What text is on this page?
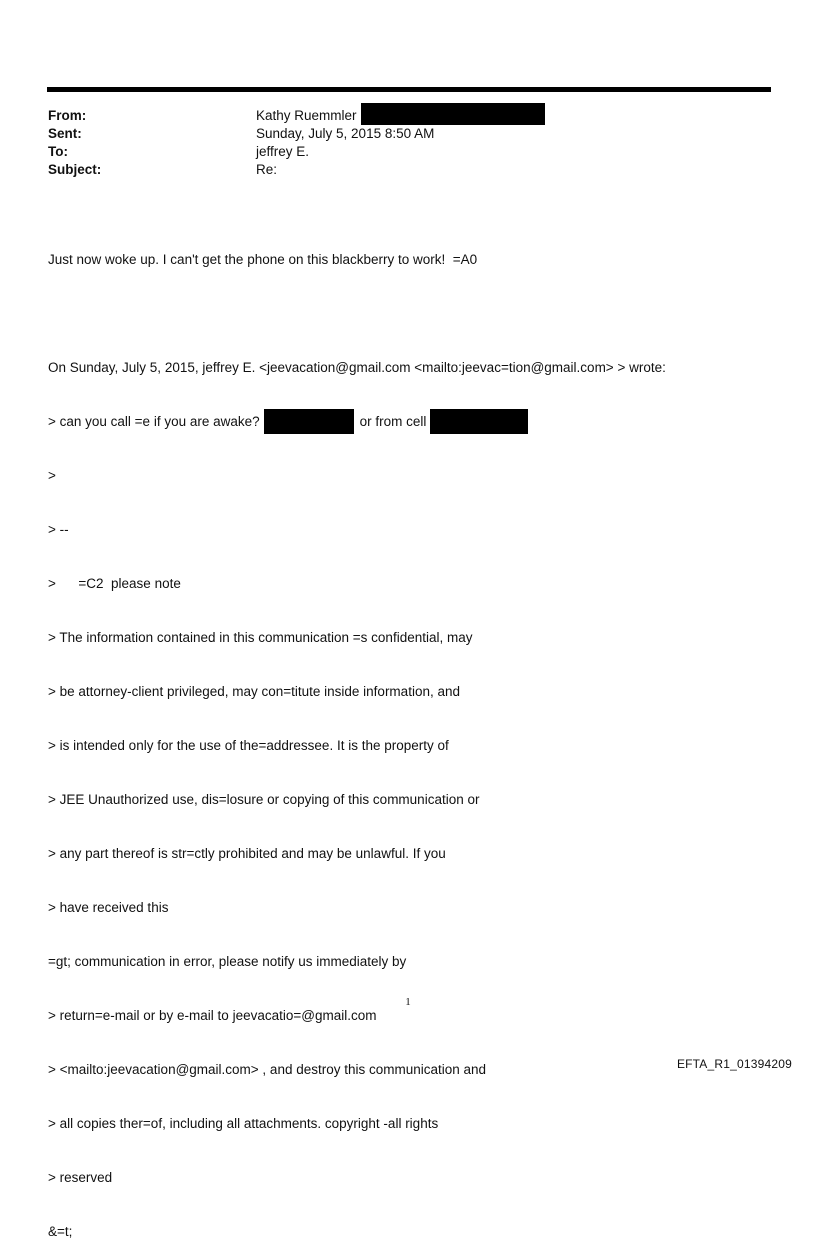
From:	Kathy Ruemmler
Sent:	Sunday, July 5, 2015 8:50 AM
To:	jeffrey E.
Subject:	Re:

Just now woke up. I can't get the phone on this blackberry to work!  =A0

On Sunday, July 5, 2015, jeffrey E. <jeevacation@gmail.com <mailto:jeevac=tion@gmail.com> > wrote:

> can you call =e if you are awake?	or from cell

>

> --

>      =C2  please note

> The information contained in this communication =s confidential, may

> be attorney-client privileged, may con=titute inside information, and

> is intended only for the use of the=addressee. It is the property of

> JEE Unauthorized use, dis=losure or copying of this communication or

> any part thereof is str=ctly prohibited and may be unlawful. If you

> have received this

=gt; communication in error, please notify us immediately by

> return=e-mail or by e-mail to jeevacatio=@gmail.com

> <mailto:jeevacation@gmail.com> , and destroy this communication and

> all copies ther=of, including all attachments. copyright -all rights

> reserved

&=t;

1
EFTA_R1_01394209
